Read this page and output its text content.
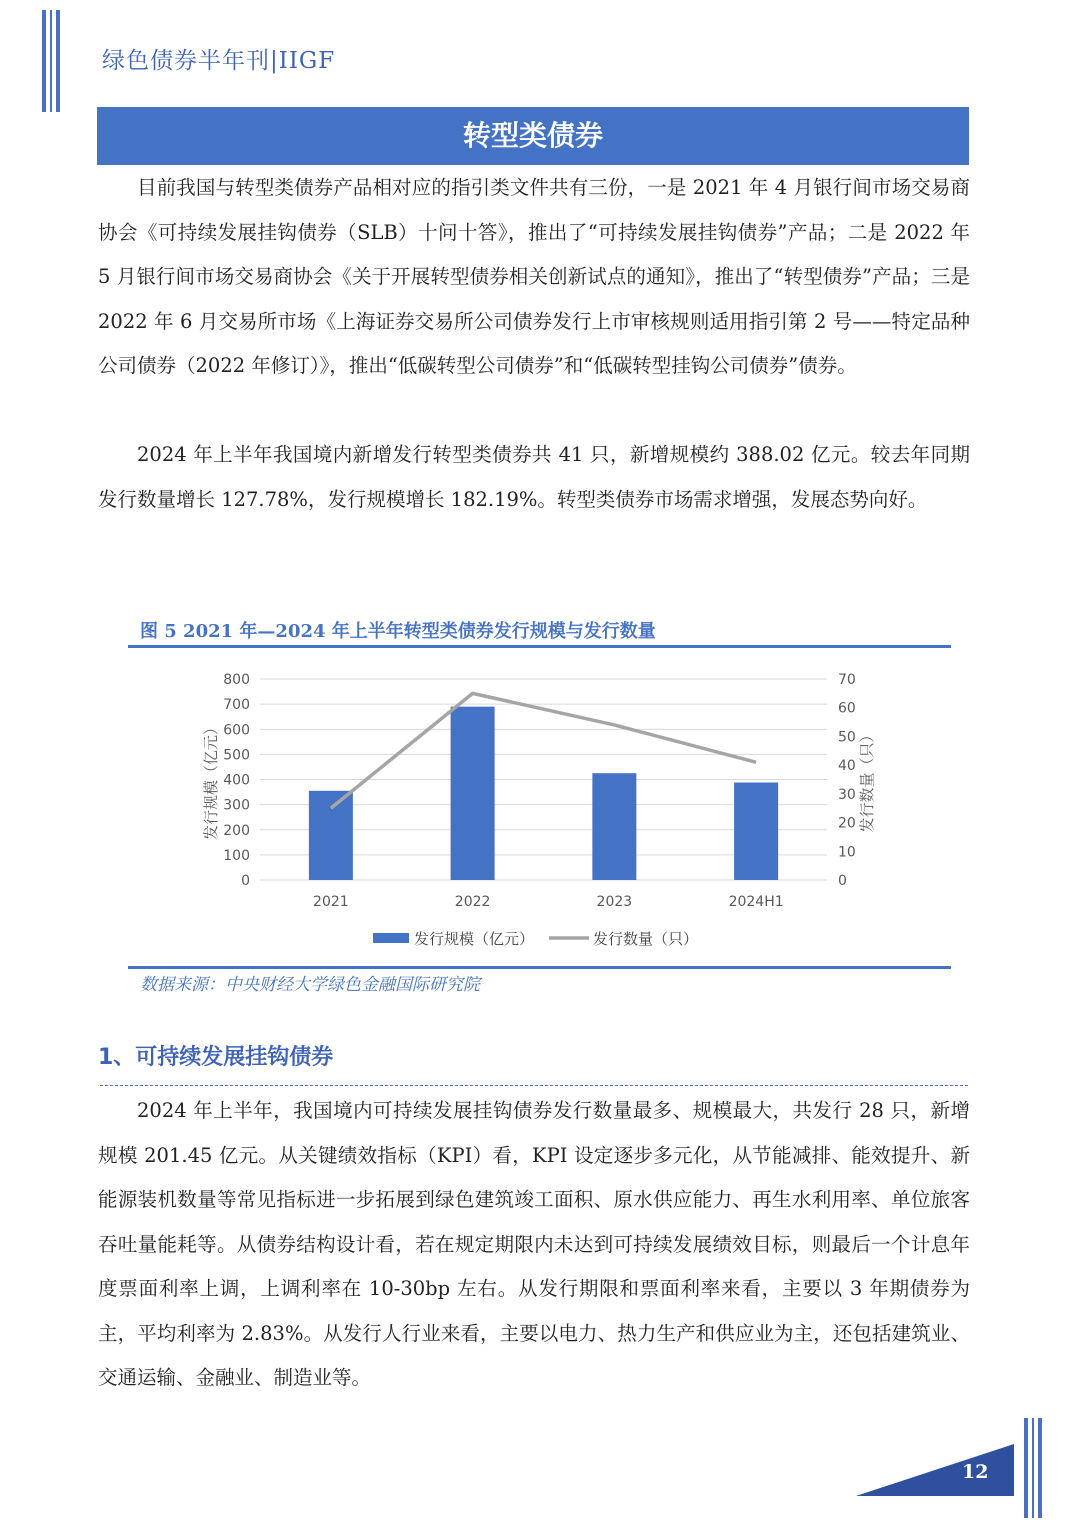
绿色债券半年刊|IIGF
转型类债券

目前我国与转型类债券产品相对应的指引类文件共有三份，一是 2021 年 4 月银行间市场交易商协会《可持续发展挂钩债券（SLB）十问十答》，推出了“可持续发展挂钩债券”产品；二是 2022 年 5 月银行间市场交易商协会《关于开展转型债券相关创新试点的通知》，推出了“转型债券”产品；三是 2022 年 6 月交易所市场《上海证券交易所公司债券发行上市审核规则适用指引第 2 号——特定品种公司债券（2022 年修订）》，推出“低碳转型公司债券”和“低碳转型挂钩公司债券”债券。

2024 年上半年我国境内新增发行转型类债券共 41 只，新增规模约 388.02 亿元。较去年同期发行数量增长 127.78%，发行规模增长 182.19%。转型类债券市场需求增强，发展态势向好。

图 5 2021 年—2024 年上半年转型类债券发行规模与发行数量
0
100
200
300
400
500
600
700
800
0
10
20
30
40
50
60
70
2021	2022	2023	2024H1
发行规模（亿元）	发行数量（只）
发行规模（亿元）	发行数量（只）
数据来源：中央财经大学绿色金融国际研究院
1、可持续发展挂钩债券

2024 年上半年，我国境内可持续发展挂钩债券发行数量最多、规模最大，共发行 28 只，新增规模 201.45 亿元。从关键绩效指标（KPI）看，KPI 设定逐步多元化，从节能减排、能效提升、新能源装机数量等常见指标进一步拓展到绿色建筑竣工面积、原水供应能力、再生水利用率、单位旅客吞吐量能耗等。从债券结构设计看，若在规定期限内未达到可持续发展绩效目标，则最后一个计息年度票面利率上调，上调利率在 10-30bp 左右。从发行期限和票面利率来看，主要以 3 年期债券为主，平均利率为 2.83%。从发行人行业来看，主要以电力、热力生产和供应业为主，还包括建筑业、交通运输、金融业、制造业等。

12
